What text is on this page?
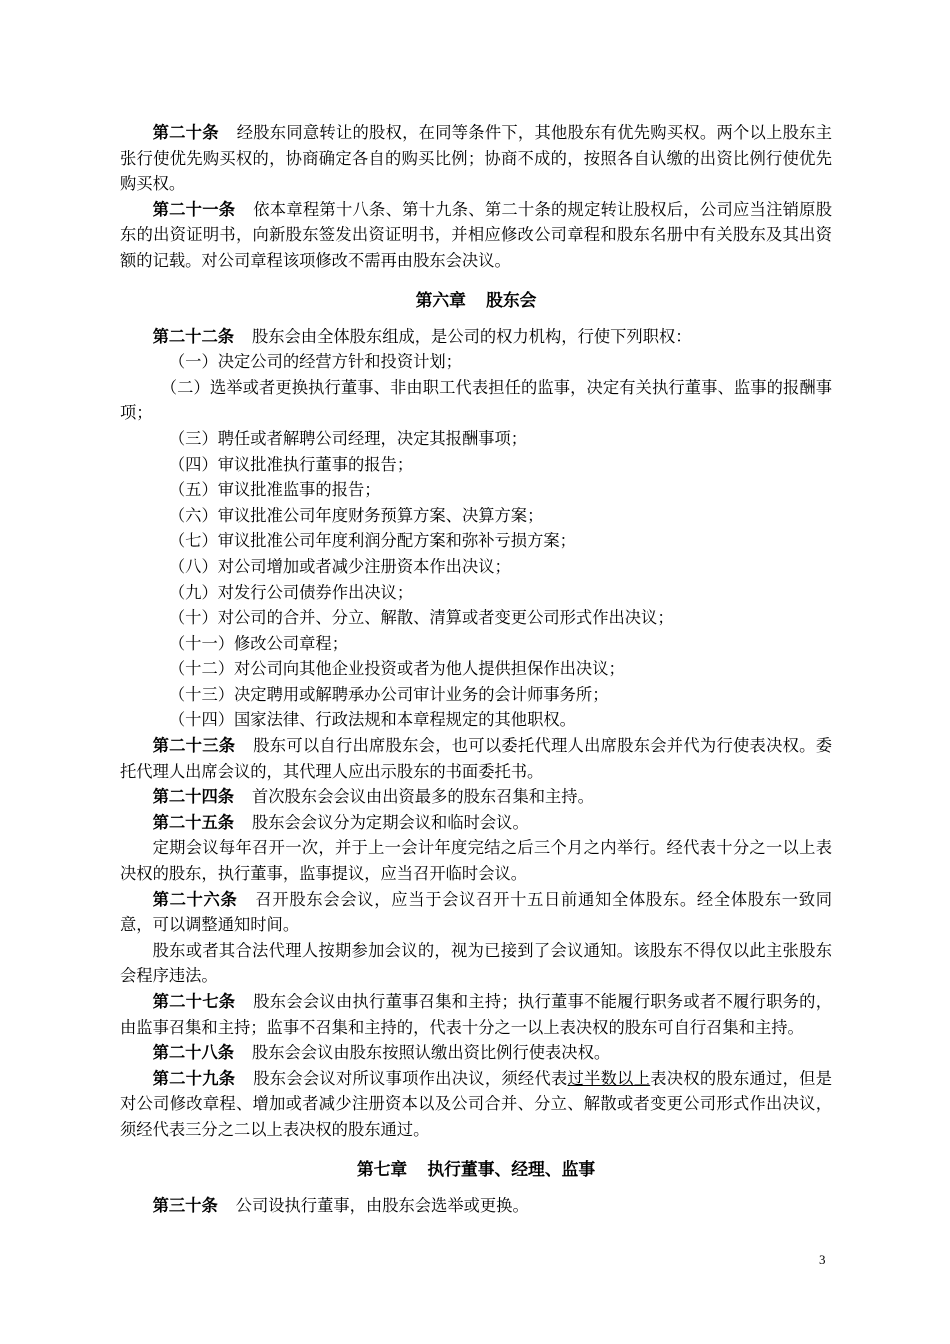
第二十条 经股东同意转让的股权，在同等条件下，其他股东有优先购买权。两个以上股东主张行使优先购买权的，协商确定各自的购买比例；协商不成的，按照各自认缴的出资比例行使优先购买权。

第二十一条 依本章程第十八条、第十九条、第二十条的规定转让股权后，公司应当注销原股东的出资证明书，向新股东签发出资证明书，并相应修改公司章程和股东名册中有关股东及其出资额的记载。对公司章程该项修改不需再由股东会决议。

第六章 股东会

第二十二条 股东会由全体股东组成，是公司的权力机构，行使下列职权：

（一）决定公司的经营方针和投资计划；

（二）选举或者更换执行董事、非由职工代表担任的监事，决定有关执行董事、监事的报酬事项；

（三）聘任或者解聘公司经理，决定其报酬事项；

（四）审议批准执行董事的报告；

（五）审议批准监事的报告；

（六）审议批准公司年度财务预算方案、决算方案；

（七）审议批准公司年度利润分配方案和弥补亏损方案；

（八）对公司增加或者减少注册资本作出决议；

（九）对发行公司债券作出决议；

（十）对公司的合并、分立、解散、清算或者变更公司形式作出决议；

（十一）修改公司章程；

（十二）对公司向其他企业投资或者为他人提供担保作出决议；

（十三）决定聘用或解聘承办公司审计业务的会计师事务所；

（十四）国家法律、行政法规和本章程规定的其他职权。

第二十三条 股东可以自行出席股东会，也可以委托代理人出席股东会并代为行使表决权。委托代理人出席会议的，其代理人应出示股东的书面委托书。

第二十四条 首次股东会会议由出资最多的股东召集和主持。

第二十五条 股东会会议分为定期会议和临时会议。

定期会议每年召开一次，并于上一会计年度完结之后三个月之内举行。经代表十分之一以上表决权的股东，执行董事，监事提议，应当召开临时会议。

第二十六条 召开股东会会议，应当于会议召开十五日前通知全体股东。经全体股东一致同意，可以调整通知时间。

股东或者其合法代理人按期参加会议的，视为已接到了会议通知。该股东不得仅以此主张股东会程序违法。

第二十七条 股东会会议由执行董事召集和主持；执行董事不能履行职务或者不履行职务的，由监事召集和主持；监事不召集和主持的，代表十分之一以上表决权的股东可自行召集和主持。

第二十八条 股东会会议由股东按照认缴出资比例行使表决权。

第二十九条 股东会会议对所议事项作出决议，须经代表过半数以上表决权的股东通过，但是对公司修改章程、增加或者减少注册资本以及公司合并、分立、解散或者变更公司形式作出决议，须经代表三分之二以上表决权的股东通过。

第七章 执行董事、经理、监事

第三十条 公司设执行董事，由股东会选举或更换。

3
